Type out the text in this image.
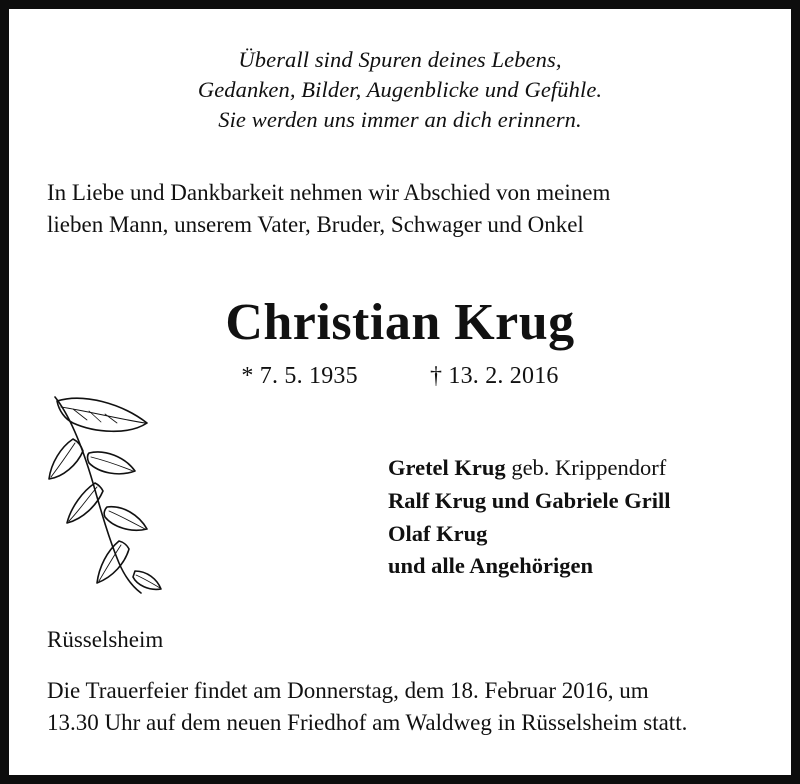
Überall sind Spuren deines Lebens,
Gedanken, Bilder, Augenblicke und Gefühle.
Sie werden uns immer an dich erinnern.
In Liebe und Dankbarkeit nehmen wir Abschied von meinem
lieben Mann, unserem Vater, Bruder, Schwager und Onkel
Christian Krug
* 7. 5. 1935	† 13. 2. 2016
Gretel Krug geb. Krippendorf
Ralf Krug und Gabriele Grill
Olaf Krug
und alle Angehörigen
Rüsselsheim
Die Trauerfeier findet am Donnerstag, dem 18. Februar 2016, um
13.30 Uhr auf dem neuen Friedhof am Waldweg in Rüsselsheim statt.
